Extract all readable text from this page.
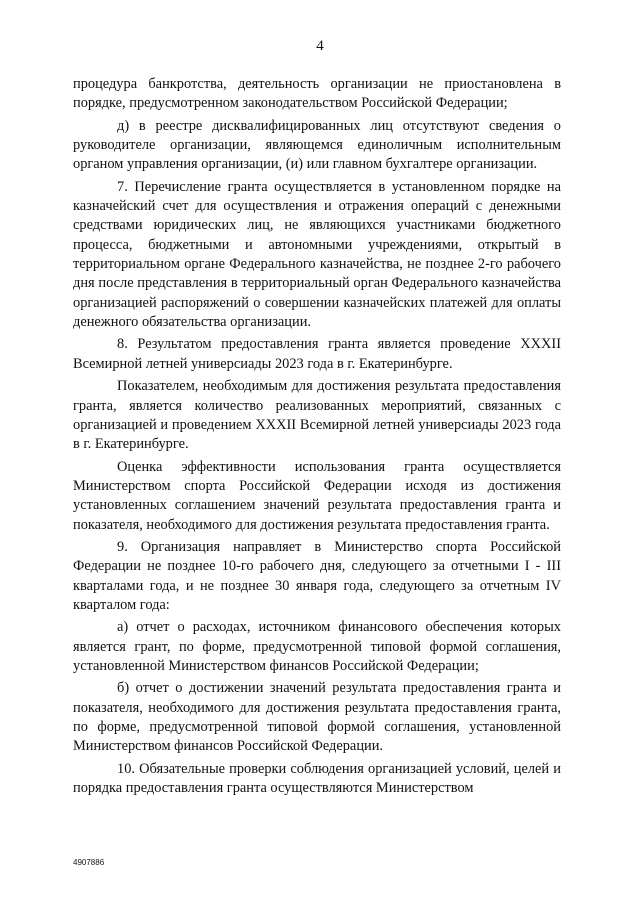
4

процедура банкротства, деятельность организации не приостановлена в порядке, предусмотренном законодательством Российской Федерации;

д) в реестре дисквалифицированных лиц отсутствуют сведения о руководителе организации, являющемся единоличным исполнительным органом управления организации, (и) или главном бухгалтере организации.

7. Перечисление гранта осуществляется в установленном порядке на казначейский счет для осуществления и отражения операций с денежными средствами юридических лиц, не являющихся участниками бюджетного процесса, бюджетными и автономными учреждениями, открытый в территориальном органе Федерального казначейства, не позднее 2-го рабочего дня после представления в территориальный орган Федерального казначейства организацией распоряжений о совершении казначейских платежей для оплаты денежного обязательства организации.

8. Результатом предоставления гранта является проведение XXXII Всемирной летней универсиады 2023 года в г. Екатеринбурге.

Показателем, необходимым для достижения результата предоставления гранта, является количество реализованных мероприятий, связанных с организацией и проведением XXXII Всемирной летней универсиады 2023 года в г. Екатеринбурге.

Оценка эффективности использования гранта осуществляется Министерством спорта Российской Федерации исходя из достижения установленных соглашением значений результата предоставления гранта и показателя, необходимого для достижения результата предоставления гранта.

9. Организация направляет в Министерство спорта Российской Федерации не позднее 10-го рабочего дня, следующего за отчетными I - III кварталами года, и не позднее 30 января года, следующего за отчетным IV кварталом года:

а) отчет о расходах, источником финансового обеспечения которых является грант, по форме, предусмотренной типовой формой соглашения, установленной Министерством финансов Российской Федерации;

б) отчет о достижении значений результата предоставления гранта и показателя, необходимого для достижения результата предоставления гранта, по форме, предусмотренной типовой формой соглашения, установленной Министерством финансов Российской Федерации.

10. Обязательные проверки соблюдения организацией условий, целей и порядка предоставления гранта осуществляются Министерством

4907886
